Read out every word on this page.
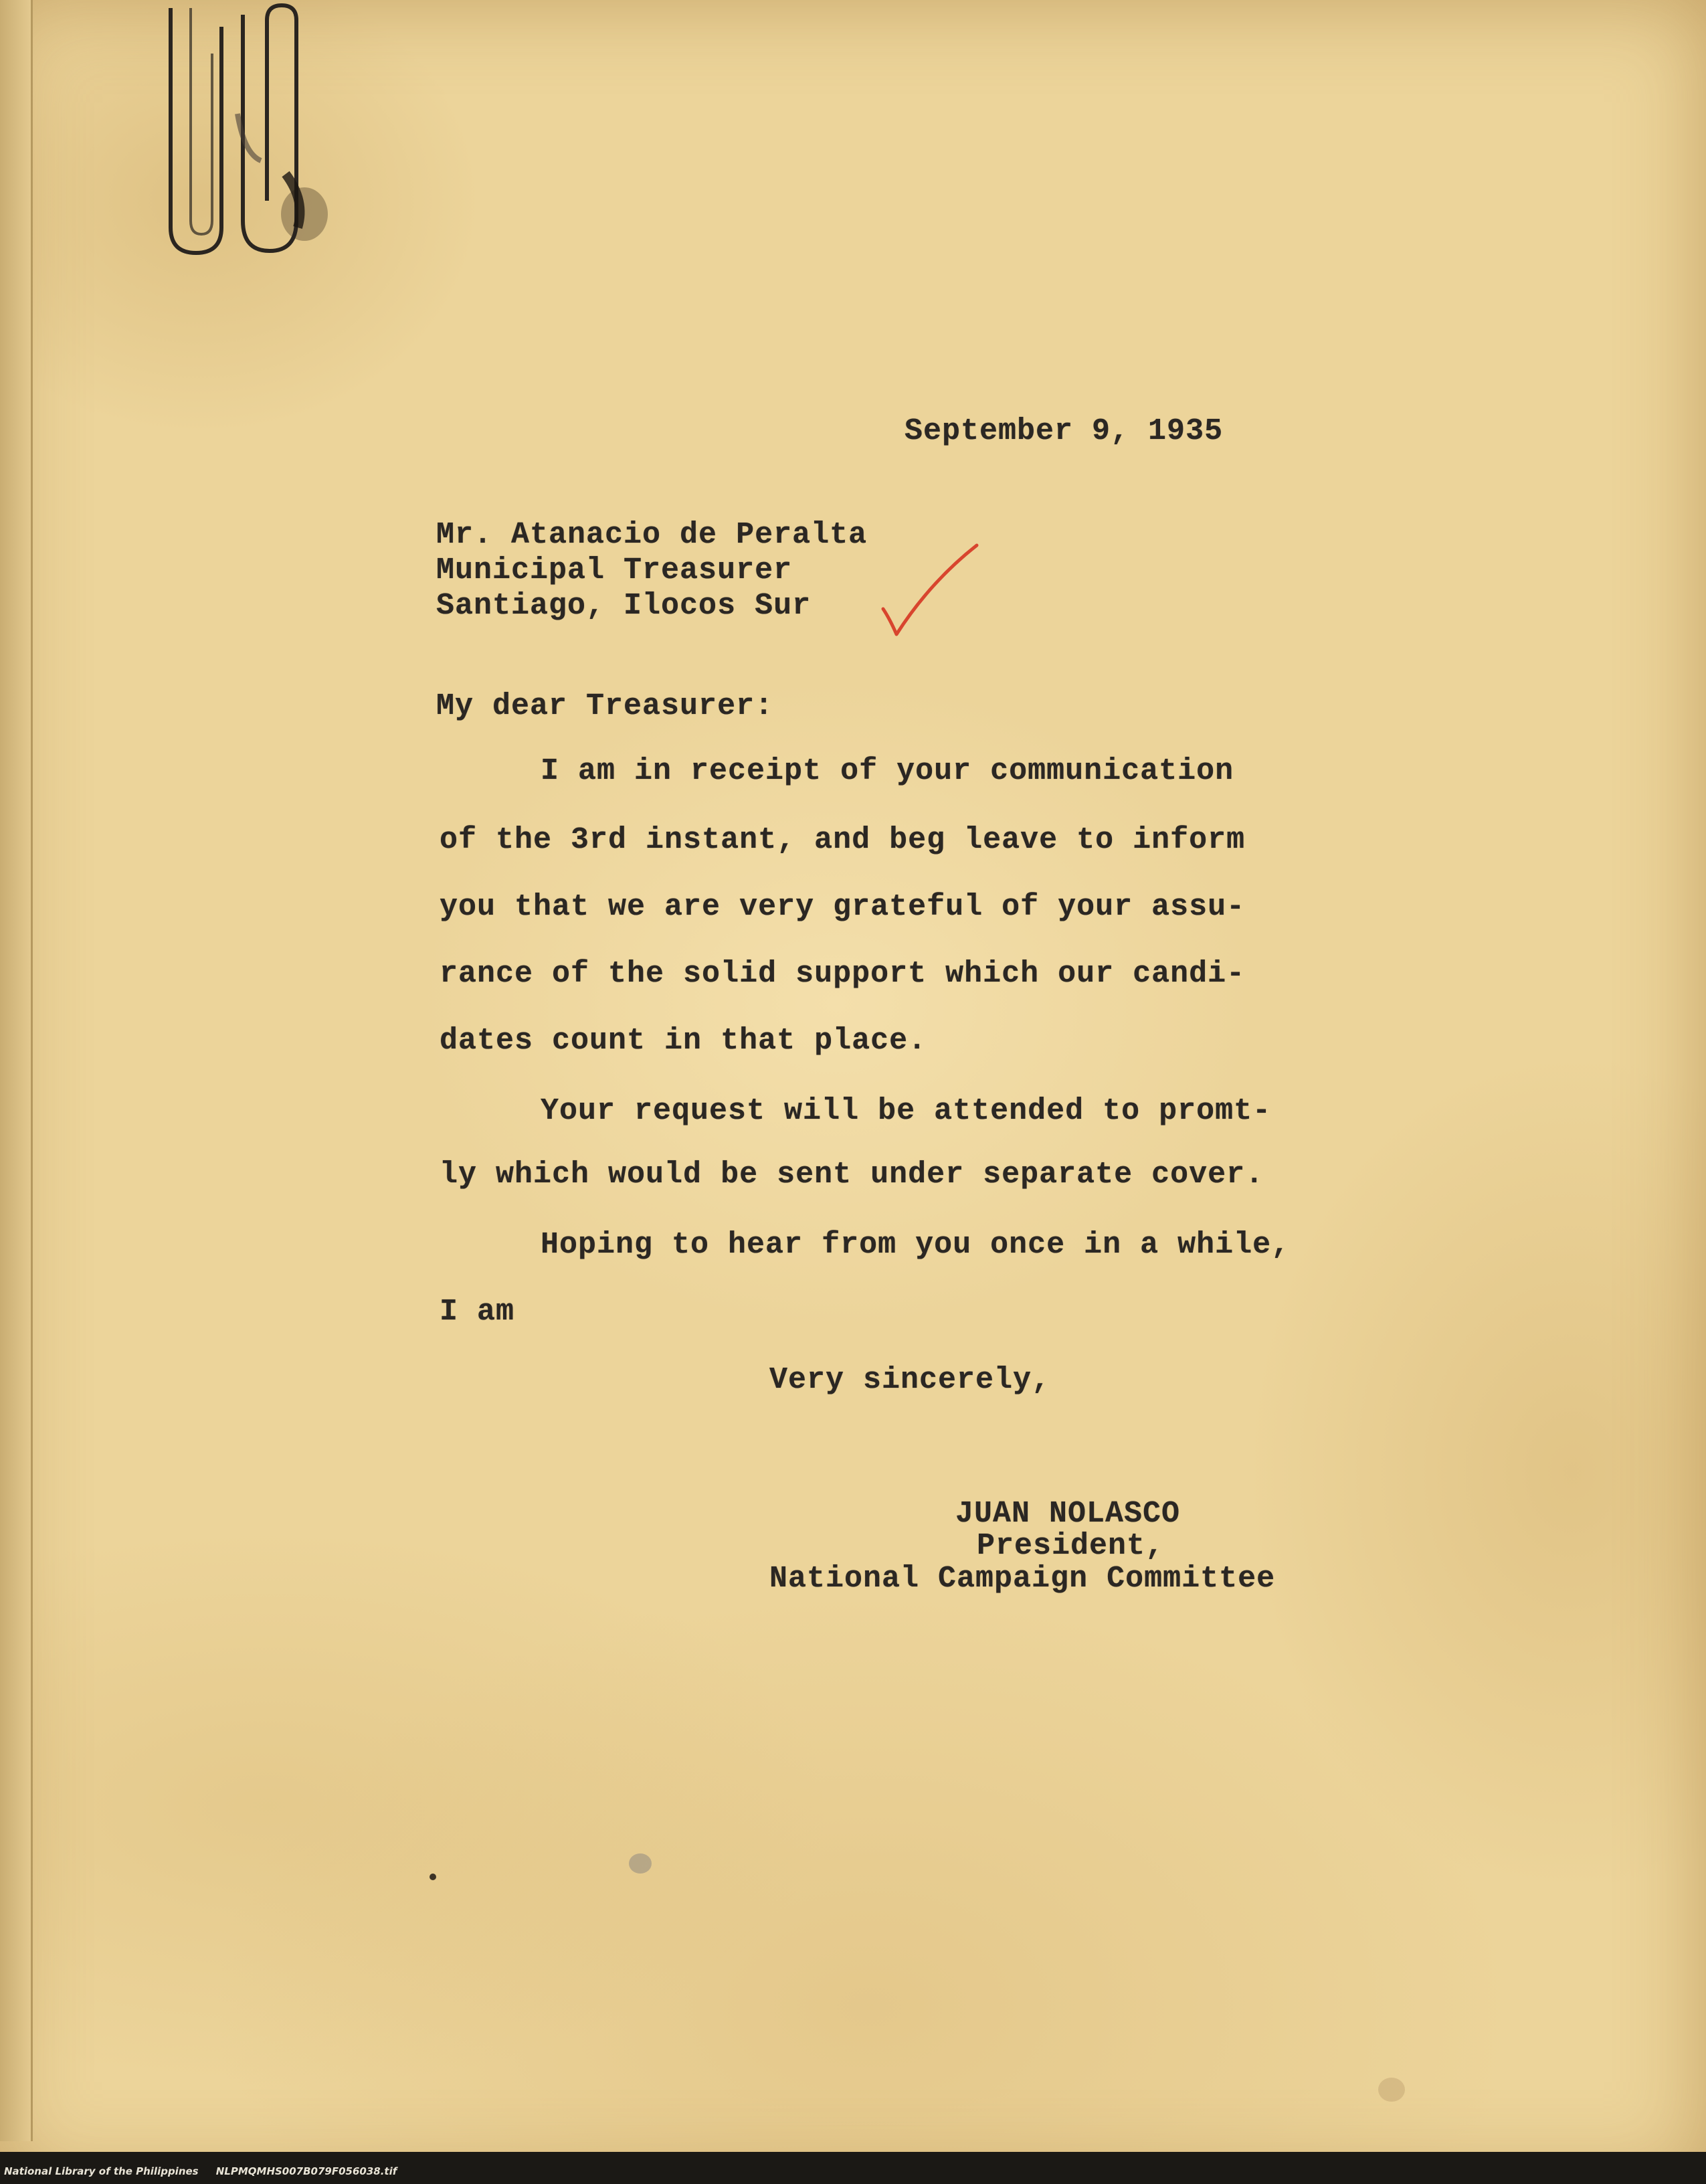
September 9, 1935
Mr. Atanacio de Peralta
Municipal Treasurer
Santiago, Ilocos Sur
My dear Treasurer:
I am in receipt of your communication
of the 3rd instant, and beg leave to inform
you that we are very grateful of your assu-
rance of the solid support which our candi-
dates count in that place.
Your request will be attended to promt-
ly which would be sent under separate cover.
Hoping to hear from you once in a while,
I am
Very sincerely,
JUAN NOLASCO
President,
National Campaign Committee
National Library of the Philippines NLPMQMHS007B079F056038.tif
